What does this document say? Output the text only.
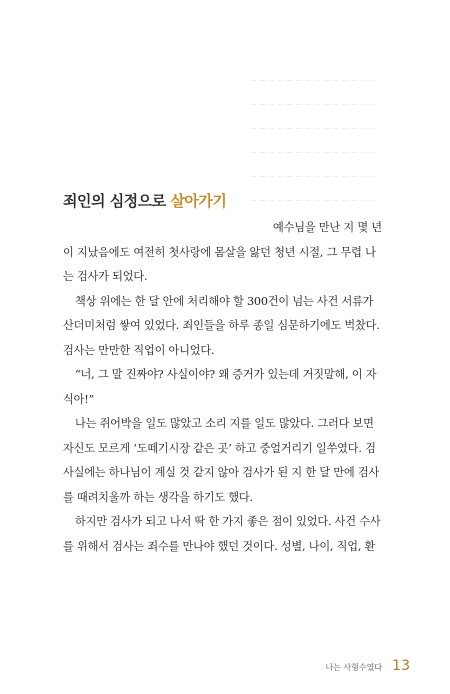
─ ─ ─ ─ ─ ─ ─ ─ ─ ─ ─ ─ ─ ─
─ ─ ─ ─ ─ ─ ─ ─ ─ ─ ─ ─ ─ ─
─ ─ ─ ─ ─ ─ ─ ─ ─ ─ ─ ─ ─ ─
─ ─ ─ ─ ─ ─ ─ ─ ─ ─ ─ ─ ─ ─
─ ─ ─ ─ ─ ─ ─ ─ ─ ─ ─ ─ ─ ─
─ ─ ─ ─ ─ ─ ─ ─ ─ ─ ─ ─ ─ ─
죄인의 심정으로 살아가기

예수님을 만난 지 몇 년
이 지났음에도 여전히 첫사랑에 몸살을 앓던 청년 시절, 그 무렵 나
는 검사가 되었다.

책상 위에는 한 달 안에 처리해야 할 300건이 넘는 사건 서류가
산더미처럼 쌓여 있었다. 죄인들을 하루 종일 심문하기에도 벅찼다.
검사는 만만한 직업이 아니었다.

“너, 그 말 진짜야? 사실이야? 왜 증거가 있는데 거짓말해, 이 자
식아!”

나는 쥐어박을 일도 많았고 소리 지를 일도 많았다. 그러다 보면
자신도 모르게 ‘도떼기시장 같은 곳’ 하고 중얼거리기 일쑤였다. 검
사실에는 하나님이 계실 것 같지 않아 검사가 된 지 한 달 만에 검사
를 때려치울까 하는 생각을 하기도 했다.

하지만 검사가 되고 나서 딱 한 가지 좋은 점이 있었다. 사건 수사
를 위해서 검사는 죄수를 만나야 했던 것이다. 성별, 나이, 직업, 환

나는 사형수였다 13
